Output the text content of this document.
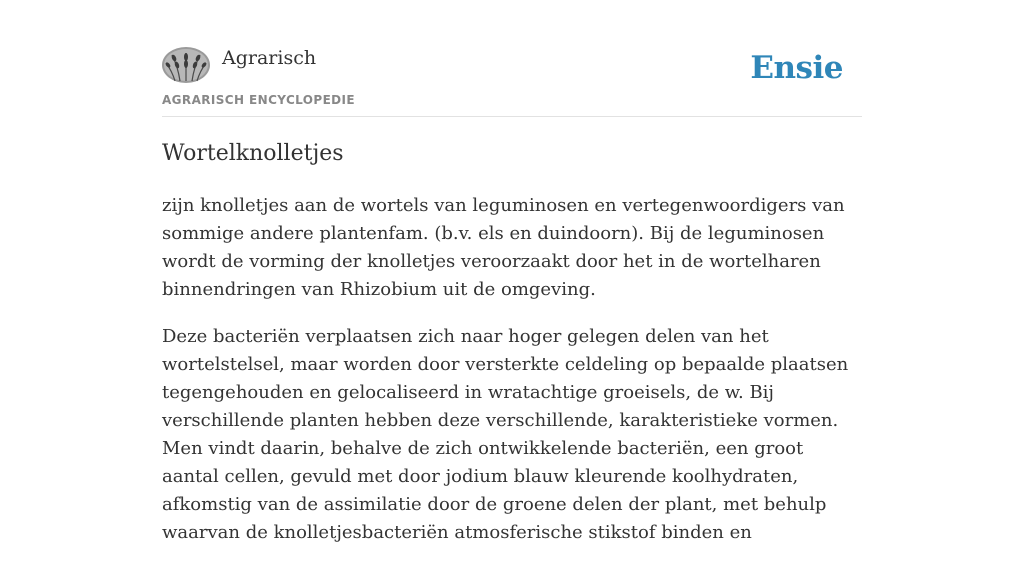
Agrarisch
AGRARISCH ENCYCLOPEDIE
Ensie
Wortelknolletjes

zijn knolletjes aan de wortels van leguminosen en vertegenwoordigers van sommige andere plantenfam. (b.v. els en duindoorn). Bij de leguminosen wordt de vorming der knolletjes veroorzaakt door het in de wortelharen binnendringen van Rhizobium uit de omgeving.

Deze bacteriën verplaatsen zich naar hoger gelegen delen van het wortelstelsel, maar worden door versterkte celdeling op bepaalde plaatsen tegengehouden en gelocaliseerd in wratachtige groeisels, de w. Bij verschillende planten hebben deze verschillende, karakteristieke vormen. Men vindt daarin, behalve de zich ontwikkelende bacteriën, een groot aantal cellen, gevuld met door jodium blauw kleurende koolhydraten, afkomstig van de assimilatie door de groene delen der plant, met behulp waarvan de knolletjesbacteriën atmosferische stikstof binden en
